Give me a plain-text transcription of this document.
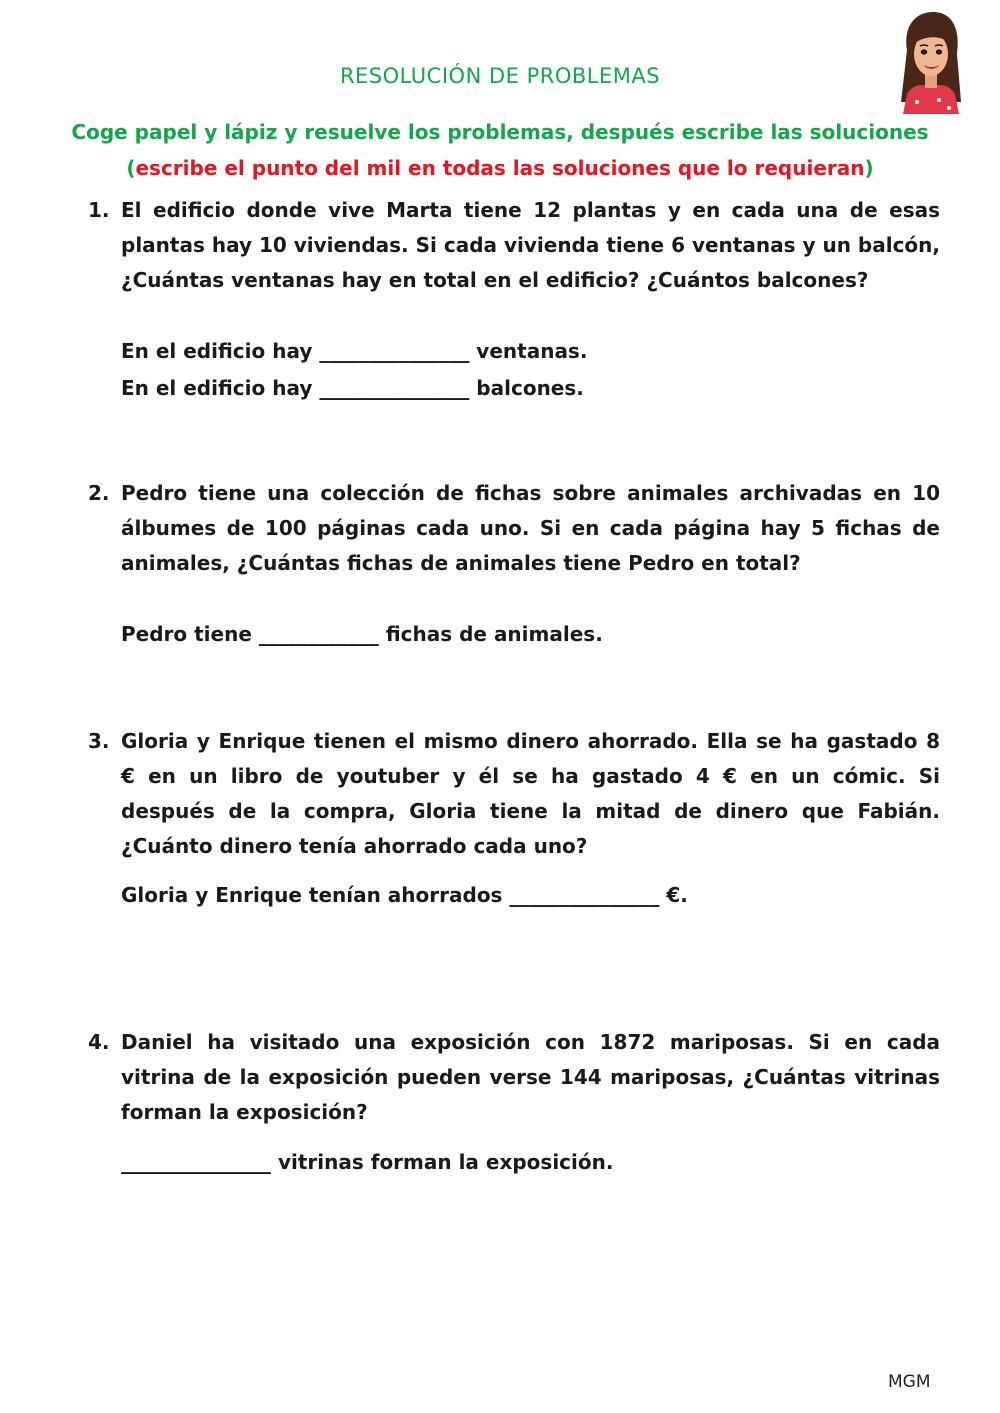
RESOLUCIÓN DE PROBLEMAS
Coge papel y lápiz y resuelve los problemas, después escribe las soluciones
(escribe el punto del mil en todas las soluciones que lo requieran)
1. El edificio donde vive Marta tiene 12 plantas y en cada una de esas plantas hay 10 viviendas. Si cada vivienda tiene 6 ventanas y un balcón, ¿Cuántas ventanas hay en total en el edificio? ¿Cuántos balcones?
En el edificio hay _______________ ventanas.
En el edificio hay _______________ balcones.
2. Pedro tiene una colección de fichas sobre animales archivadas en 10 álbumes de 100 páginas cada uno. Si en cada página hay 5 fichas de animales, ¿Cuántas fichas de animales tiene Pedro en total?
Pedro tiene ____________ fichas de animales.
3. Gloria y Enrique tienen el mismo dinero ahorrado. Ella se ha gastado 8 € en un libro de youtuber y él se ha gastado 4 € en un cómic. Si después de la compra, Gloria tiene la mitad de dinero que Fabián. ¿Cuánto dinero tenía ahorrado cada uno?
Gloria y Enrique tenían ahorrados _______________ €.
4. Daniel ha visitado una exposición con 1872 mariposas. Si en cada vitrina de la exposición pueden verse 144 mariposas, ¿Cuántas vitrinas forman la exposición?
_______________ vitrinas forman la exposición.
MGM
